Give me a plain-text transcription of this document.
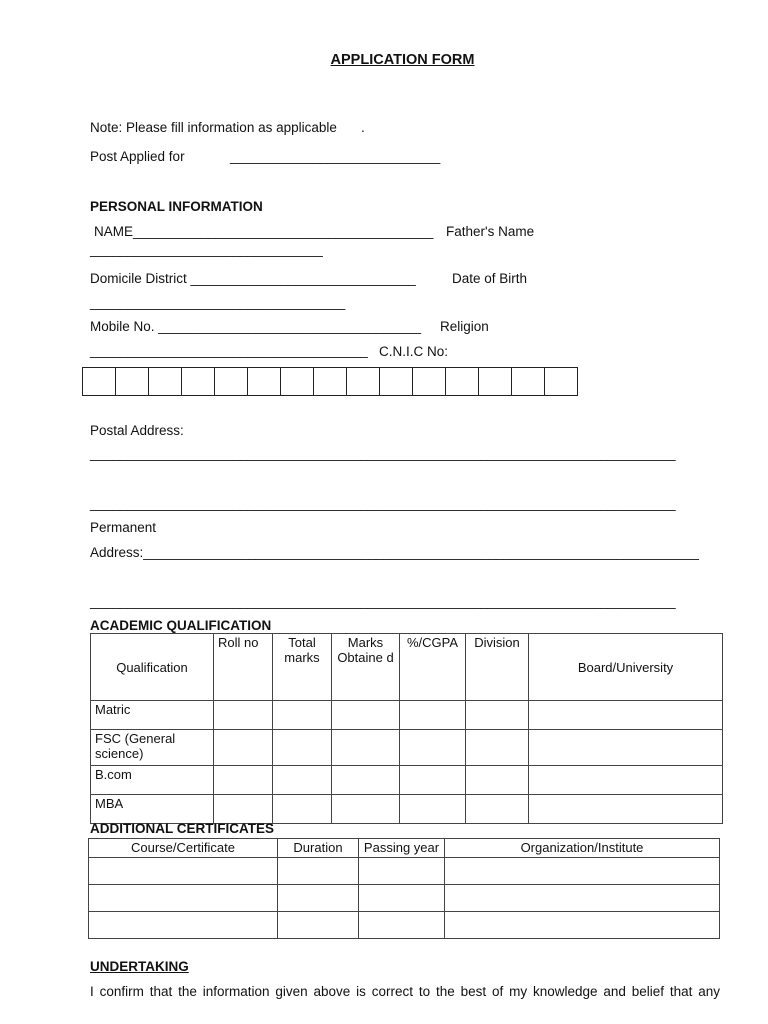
APPLICATION FORM
Note: Please fill information as applicable .
Post Applied for	____________________________
PERSONAL INFORMATION
NAME________________________________________ Father's Name
_______________________________
Domicile District ______________________________	Date of Birth
__________________________________
Mobile No. ___________________________________ Religion
_____________________________________ C.N.I.C No:

Postal Address:
______________________________________________________________________________
______________________________________________________________________________
Permanent
Address:__________________________________________________________________________
______________________________________________________________________________
ACADEMIC QUALIFICATION
Qualification	Roll no	Total marks	Marks Obtaine d	%/CGPA	Division	Board/University
Matric						
FSC (General science)						
B.com						
MBA						
ADDITIONAL CERTIFICATES
Course/Certificate	Duration	Passing year	Organization/Institute

UNDERTAKING
I confirm that the information given above is correct to the best of my knowledge and belief that any
